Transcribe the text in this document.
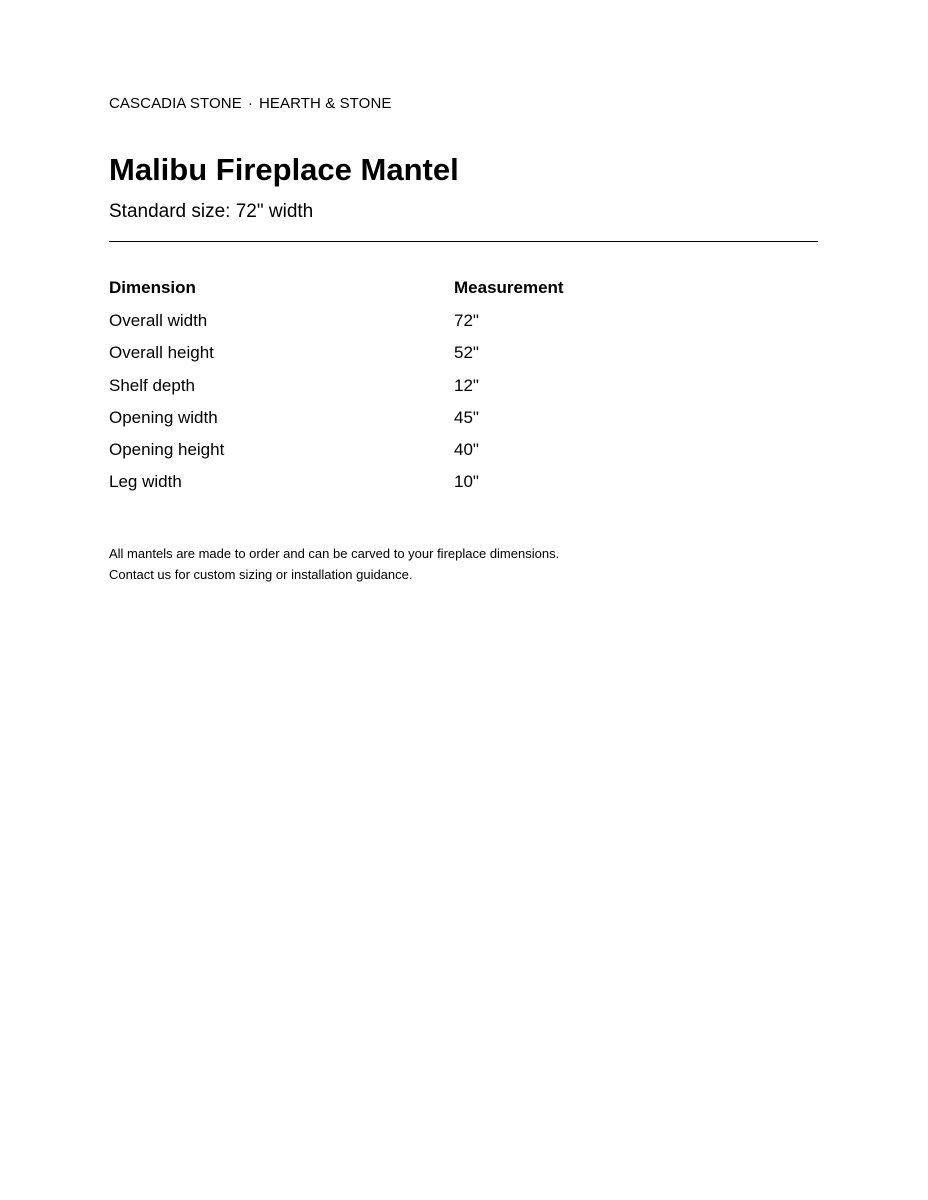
CASCADIA STONE · HEARTH & STONE
Malibu Fireplace Mantel
Standard size: 72" width
Dimension	Measurement
Overall width	72"
Overall height	52"
Shelf depth	12"
Opening width	45"
Opening height	40"
Leg width	10"
All mantels are made to order and can be carved to your fireplace dimensions.
Contact us for custom sizing or installation guidance.
